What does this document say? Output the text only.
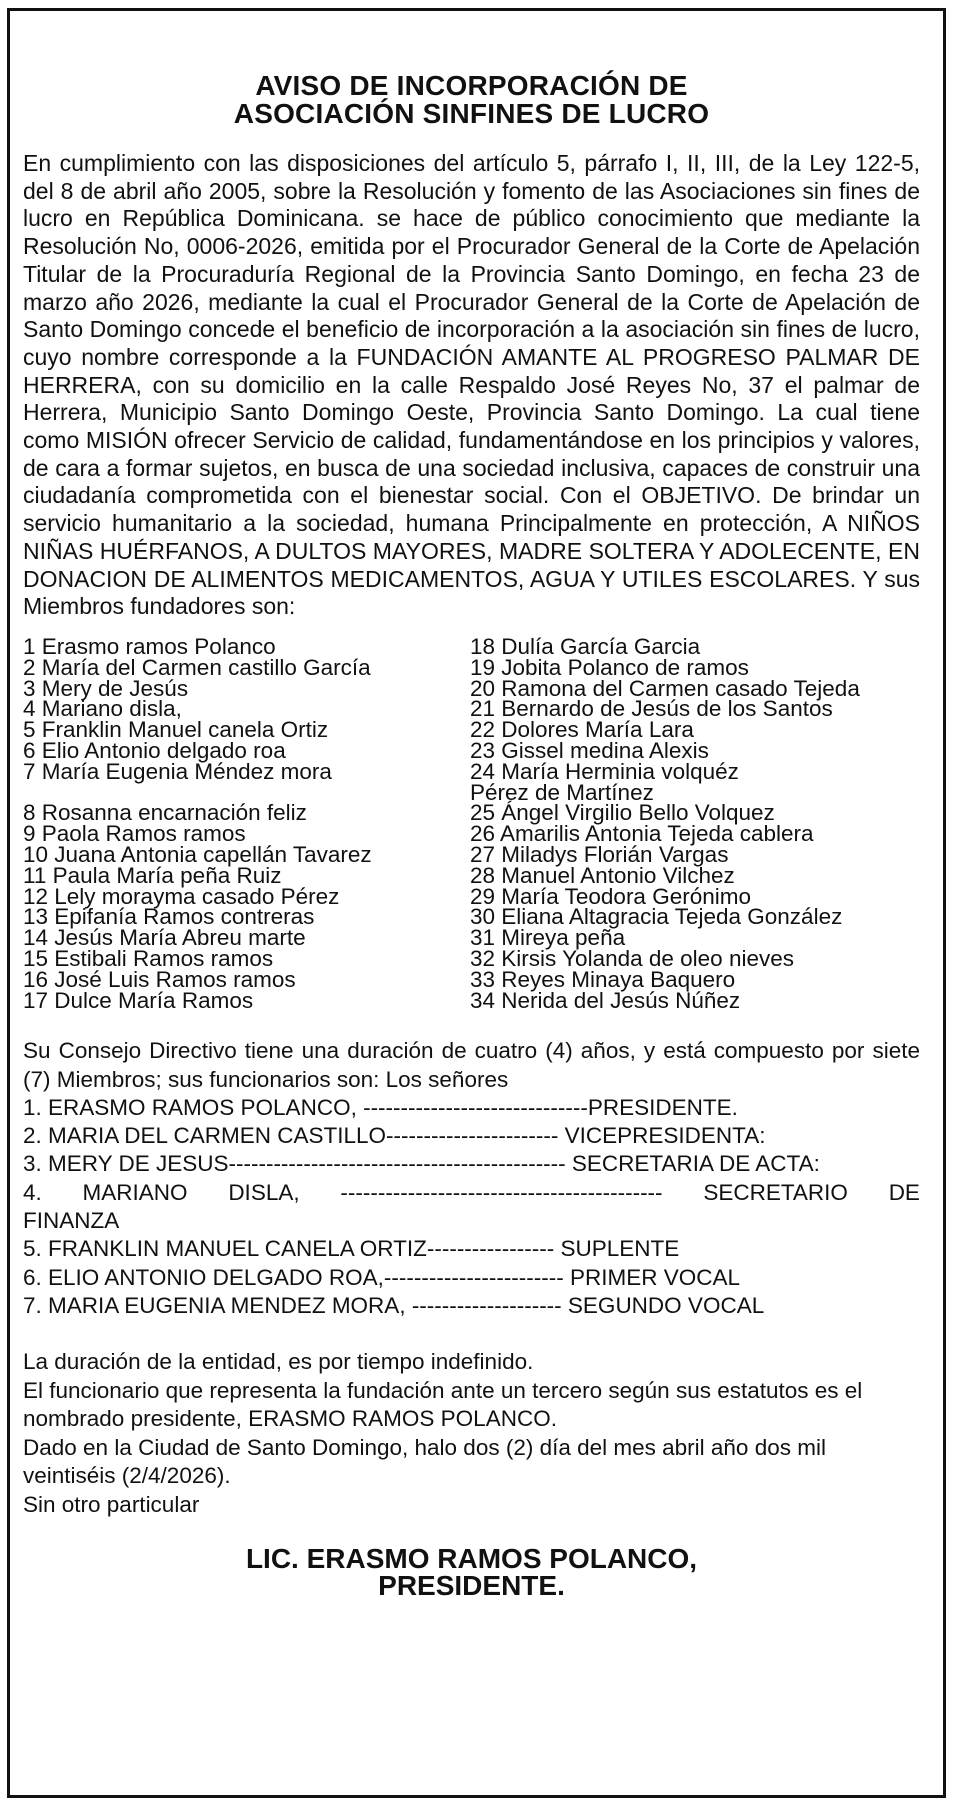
AVISO DE INCORPORACIÓN DE
ASOCIACIÓN SINFINES DE LUCRO

En cumplimiento con las disposiciones del artículo 5, párrafo I, II, III, de la Ley 122-5, del 8 de abril año 2005, sobre la Resolución y fomento de las Asociaciones sin fines de lucro en República Dominicana. se hace de público conocimiento que mediante la Resolución No, 0006-2026, emitida por el Procurador General de la Corte de Apelación Titular de la Procuraduría Regional de la Provincia Santo Domingo, en fecha 23 de marzo año 2026, mediante la cual el Procurador General de la Corte de Apelación de Santo Domingo concede el beneficio de incorporación a la asociación sin fines de lucro, cuyo nombre corresponde a la FUNDACIÓN AMANTE AL PROGRESO PALMAR DE HERRERA, con su domicilio en la calle Respaldo José Reyes No, 37 el palmar de Herrera, Municipio Santo Domingo Oeste, Provincia Santo Domingo. La cual tiene como MISIÓN ofrecer Servicio de calidad, fundamentándose en los principios y valores, de cara a formar sujetos, en busca de una sociedad inclusiva, capaces de construir una ciudadanía comprometida con el bienestar social. Con el OBJETIVO. De brindar un servicio humanitario a la sociedad, humana Principalmente en protección, A NIÑOS NIÑAS HUÉRFANOS, A DULTOS MAYORES, MADRE SOLTERA Y ADOLECENTE, EN DONACION DE ALIMENTOS MEDICAMENTOS, AGUA Y UTILES ESCOLARES. Y sus Miembros fundadores son:

1 Erasmo ramos Polanco
2 María del Carmen castillo García
3 Mery de Jesús
4 Mariano disla,
5 Franklin Manuel canela Ortiz
6 Elio Antonio delgado roa
7 María Eugenia Méndez mora

8 Rosanna encarnación feliz
9 Paola Ramos ramos
10 Juana Antonia capellán Tavarez
11 Paula María peña Ruiz
12 Lely morayma casado Pérez
13 Epifanía Ramos contreras
14 Jesús María Abreu marte
15 Estibali Ramos ramos
16 José Luis Ramos ramos
17 Dulce María Ramos
18 Dulía García Garcia
19 Jobita Polanco de ramos
20 Ramona del Carmen casado Tejeda
21 Bernardo de Jesús de los Santos
22 Dolores María Lara
23 Gissel medina Alexis
24 María Herminia volquéz
Pérez de Martínez
25 Ángel Virgilio Bello Volquez
26 Amarilis Antonia Tejeda cablera
27 Miladys Florián Vargas
28 Manuel Antonio Vilchez
29 María Teodora Gerónimo
30 Eliana Altagracia Tejeda González
31 Mireya peña
32 Kirsis Yolanda de oleo nieves
33 Reyes Minaya Baquero
34 Nerida del Jesús Núñez

Su Consejo Directivo tiene una duración de cuatro (4) años, y está compuesto por siete (7) Miembros; sus funcionarios son: Los señores

1. ERASMO RAMOS POLANCO, ------------------------------PRESIDENTE.
2. MARIA DEL CARMEN CASTILLO----------------------- VICEPRESIDENTA:
3. MERY DE JESUS--------------------------------------------- SECRETARIA DE ACTA:
4. MARIANO DISLA, ------------------------------------------- SECRETARIO DE
FINANZA
5. FRANKLIN MANUEL CANELA ORTIZ----------------- SUPLENTE
6. ELIO ANTONIO DELGADO ROA,------------------------ PRIMER VOCAL
7. MARIA EUGENIA MENDEZ MORA, -------------------- SEGUNDO VOCAL

La duración de la entidad, es por tiempo indefinido.

El funcionario que representa la fundación ante un tercero según sus estatutos es el nombrado presidente, ERASMO RAMOS POLANCO.

Dado en la Ciudad de Santo Domingo, halo dos (2) día del mes abril año dos mil veintiséis (2/4/2026).

Sin otro particular

LIC. ERASMO RAMOS POLANCO,
PRESIDENTE.
